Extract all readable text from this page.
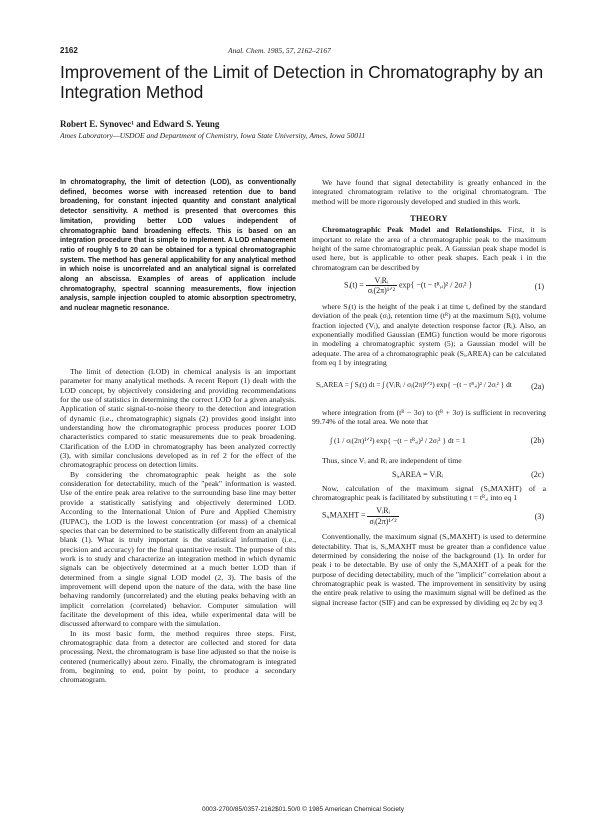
2162	Anal. Chem. 1985, 57, 2162–2167
Improvement of the Limit of Detection in Chromatography by an Integration Method
Robert E. Synovec¹ and Edward S. Yeung
Ames Laboratory—USDOE and Department of Chemistry, Iowa State University, Ames, Iowa 50011
In chromatography, the limit of detection (LOD), as conventionally defined, becomes worse with increased retention due to band broadening, for constant injected quantity and constant analytical detector sensitivity. A method is presented that overcomes this limitation, providing better LOD values independent of chromatographic band broadening effects. This is based on an integration procedure that is simple to implement. A LOD enhancement ratio of roughly 5 to 20 can be obtained for a typical chromatographic system. The method has general applicability for any analytical method in which noise is uncorrelated and an analytical signal is correlated along an abscissa. Examples of areas of application include chromatography, spectral scanning measurements, flow injection analysis, sample injection coupled to atomic absorption spectrometry, and nuclear magnetic resonance.

The limit of detection (LOD) in chemical analysis is an important parameter for many analytical methods. A recent Report (1) dealt with the LOD concept, by objectively considering and providing recommendations for the use of statistics in determining the correct LOD for a given analysis. Application of static signal-to-noise theory to the detection and integration of dynamic (i.e., chromatographic) signals (2) provides good insight into understanding how the chromatographic process produces poorer LOD characteristics compared to static measurements due to peak broadening. Clarification of the LOD in chromatography has been analyzed correctly (3), with similar conclusions developed as in ref 2 for the effect of the chromatographic process on detection limits.

By considering the chromatographic peak height as the sole consideration for detectability, much of the "peak" information is wasted. Use of the entire peak area relative to the surrounding base line may better provide a statistically satisfying and objectively determined LOD. According to the International Union of Pure and Applied Chemistry (IUPAC), the LOD is the lowest concentration (or mass) of a chemical species that can be determined to be statistically different from an analytical blank (1). What is truly important is the statistical information (i.e., precision and accuracy) for the final quantitative result. The purpose of this work is to study and characterize an integration method in which dynamic signals can be objectively determined at a much better LOD than if determined from a single signal LOD model (2, 3). The basis of the improvement will depend upon the nature of the data, with the base line behaving randomly (uncorrelated) and the eluting peaks behaving with an implicit correlation (correlated) behavior. Computer simulation will facilitate the development of this idea, while experimental data will be discussed afterward to compare with the simulation.

In its most basic form, the method requires three steps. First, chromatographic data from a detector are collected and stored for data processing. Next, the chromatogram is base line adjusted so that the noise is centered (numerically) about zero. Finally, the chromatogram is integrated from, beginning to end, point by point, to produce a secondary chromatogram.

We have found that signal detectability is greatly enhanced in the integrated chromatogram relative to the original chromatogram. The method will be more rigorously developed and studied in this work.

THEORY

Chromatographic Peak Model and Relationships. First, it is important to relate the area of a chromatographic peak to the maximum height of the same chromatographic peak. A Gaussian peak shape model is used here, but is applicable to other peak shapes. Each peak i in the chromatogram can be described by

Sᵢ(t) = $\frac{\text{VᵢRᵢ}}{\text{σᵢ(2π)¹ᐟ²}} \exp\{ -(t$ − tᴿ,ᵢ)² / 2σᵢ² }	(1)

where Sᵢ(t) is the height of the peak i at time t, defined by the standard deviation of the peak (σᵢ), retention time (tᴿ) at the maximum Sᵢ(t), volume fraction injected (Vᵢ), and analyte detection response factor (Rᵢ). Also, an exponentially modified Gaussian (EMG) function would be more rigorous in modeling a chromatographic system (5); a Gaussian model will be adequate. The area of a chromatographic peak (Sᵢ,AREA) can be calculated from eq 1 by integrating

Sᵢ,AREA = ∫ Sᵢ(t) dt = ∫ (VᵢRᵢ / σᵢ(2π)¹ᐟ²) exp{ −(t − tᴿ,ᵢ)² / 2σᵢ² } dt (2a)

where integration from (tᴿ − 3σ) to (tᴿ + 3σ) is sufficient in recovering 99.74% of the total area. We note that

∫ (1 / σᵢ(2π)¹ᐟ²) exp{ −(t − tᴿ,ᵢ)² / 2σᵢ² } dt = 1	(2b)

Thus, since Vᵢ and Rᵢ are independent of time

Sᵢ,AREA = VᵢRᵢ	(2c)

Now, calculation of the maximum signal (Sᵢ,MAXHT) of a chromatographic peak is facilitated by substituting t = tᴿ,ᵢ into eq 1

Sᵢ,MAXHT = $\frac{\text{VᵢRᵢ}}{\text{σᵢ(2π)¹ᐟ²}}$	(3)

Conventionally, the maximum signal (Sᵢ,MAXHT) is used to determine detectability. That is, Sᵢ,MAXHT must be greater than a confidence value determined by considering the noise of the background (1). In order for peak i to be detectable. By use of only the Sᵢ,MAXHT of a peak for the purpose of deciding detectability, much of the "implicit" correlation about a chromatographic peak is wasted. The improvement in sensitivity by using the entire peak relative to using the maximum signal will be defined as the signal increase factor (SIF) and can be expressed by dividing eq 2c by eq 3

0003-2700/85/0357-2162$01.50/0 © 1985 American Chemical Society
